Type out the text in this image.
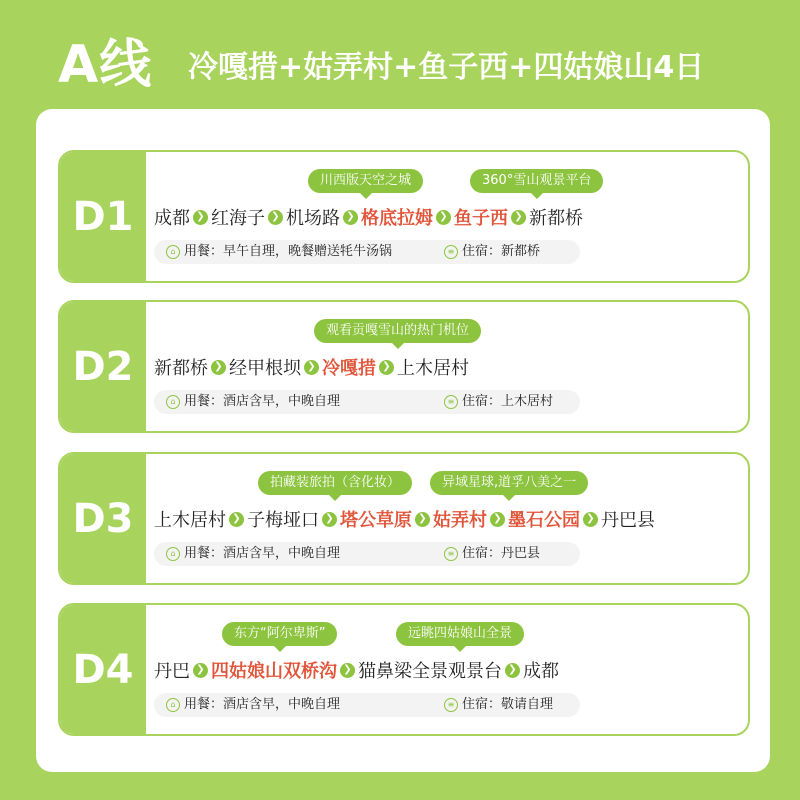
A线 冷嘎措+姑弄村+鱼子西+四姑娘山4日
D1
川西版天空之城	360°雪山观景平台
成都 ❯ 红海子 ❯ 机场路 ❯ 格底拉姆 ❯ 鱼子西 ❯ 新都桥
⌂ 用餐：早午自理，晚餐赠送牦牛汤锅	≡ 住宿：新都桥
D2
观看贡嘎雪山的热门机位
新都桥 ❯ 经甲根坝 ❯ 冷嘎措 ❯ 上木居村
⌂ 用餐：酒店含早，中晚自理	≡ 住宿：上木居村
D3
拍藏装旅拍（含化妆）	异域星球,道孚八美之一
上木居村 ❯ 子梅垭口 ❯ 塔公草原 ❯ 姑弄村 ❯ 墨石公园 ❯ 丹巴县
⌂ 用餐：酒店含早，中晚自理	≡ 住宿：丹巴县
D4
东方“阿尔卑斯”	远眺四姑娘山全景
丹巴 ❯ 四姑娘山双桥沟 ❯ 猫鼻梁全景观景台 ❯ 成都
⌂ 用餐：酒店含早，中晚自理	≡ 住宿：敬请自理
